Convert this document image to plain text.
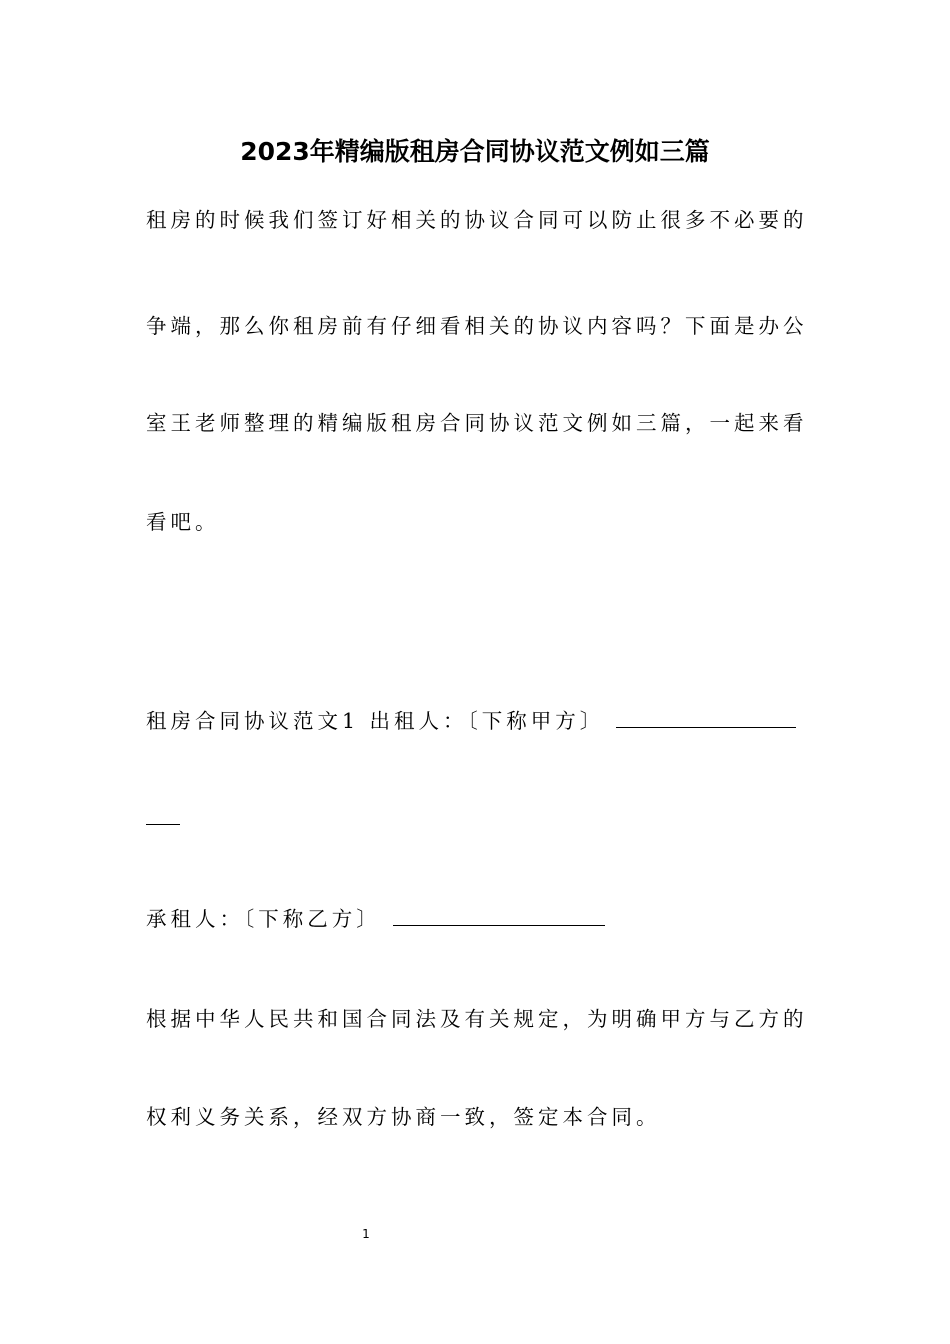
2023年精编版租房合同协议范文例如三篇
租房的时候我们签订好相关的协议合同可以防止很多不必要的
争端，那么你租房前有仔细看相关的协议内容吗？下面是办公
室王老师整理的精编版租房合同协议范文例如三篇，一起来看
看吧。
租房合同协议范文1 出租人：〔下称甲方〕
承租人：〔下称乙方〕
根据中华人民共和国合同法及有关规定，为明确甲方与乙方的
权利义务关系，经双方协商一致，签定本合同。
1
